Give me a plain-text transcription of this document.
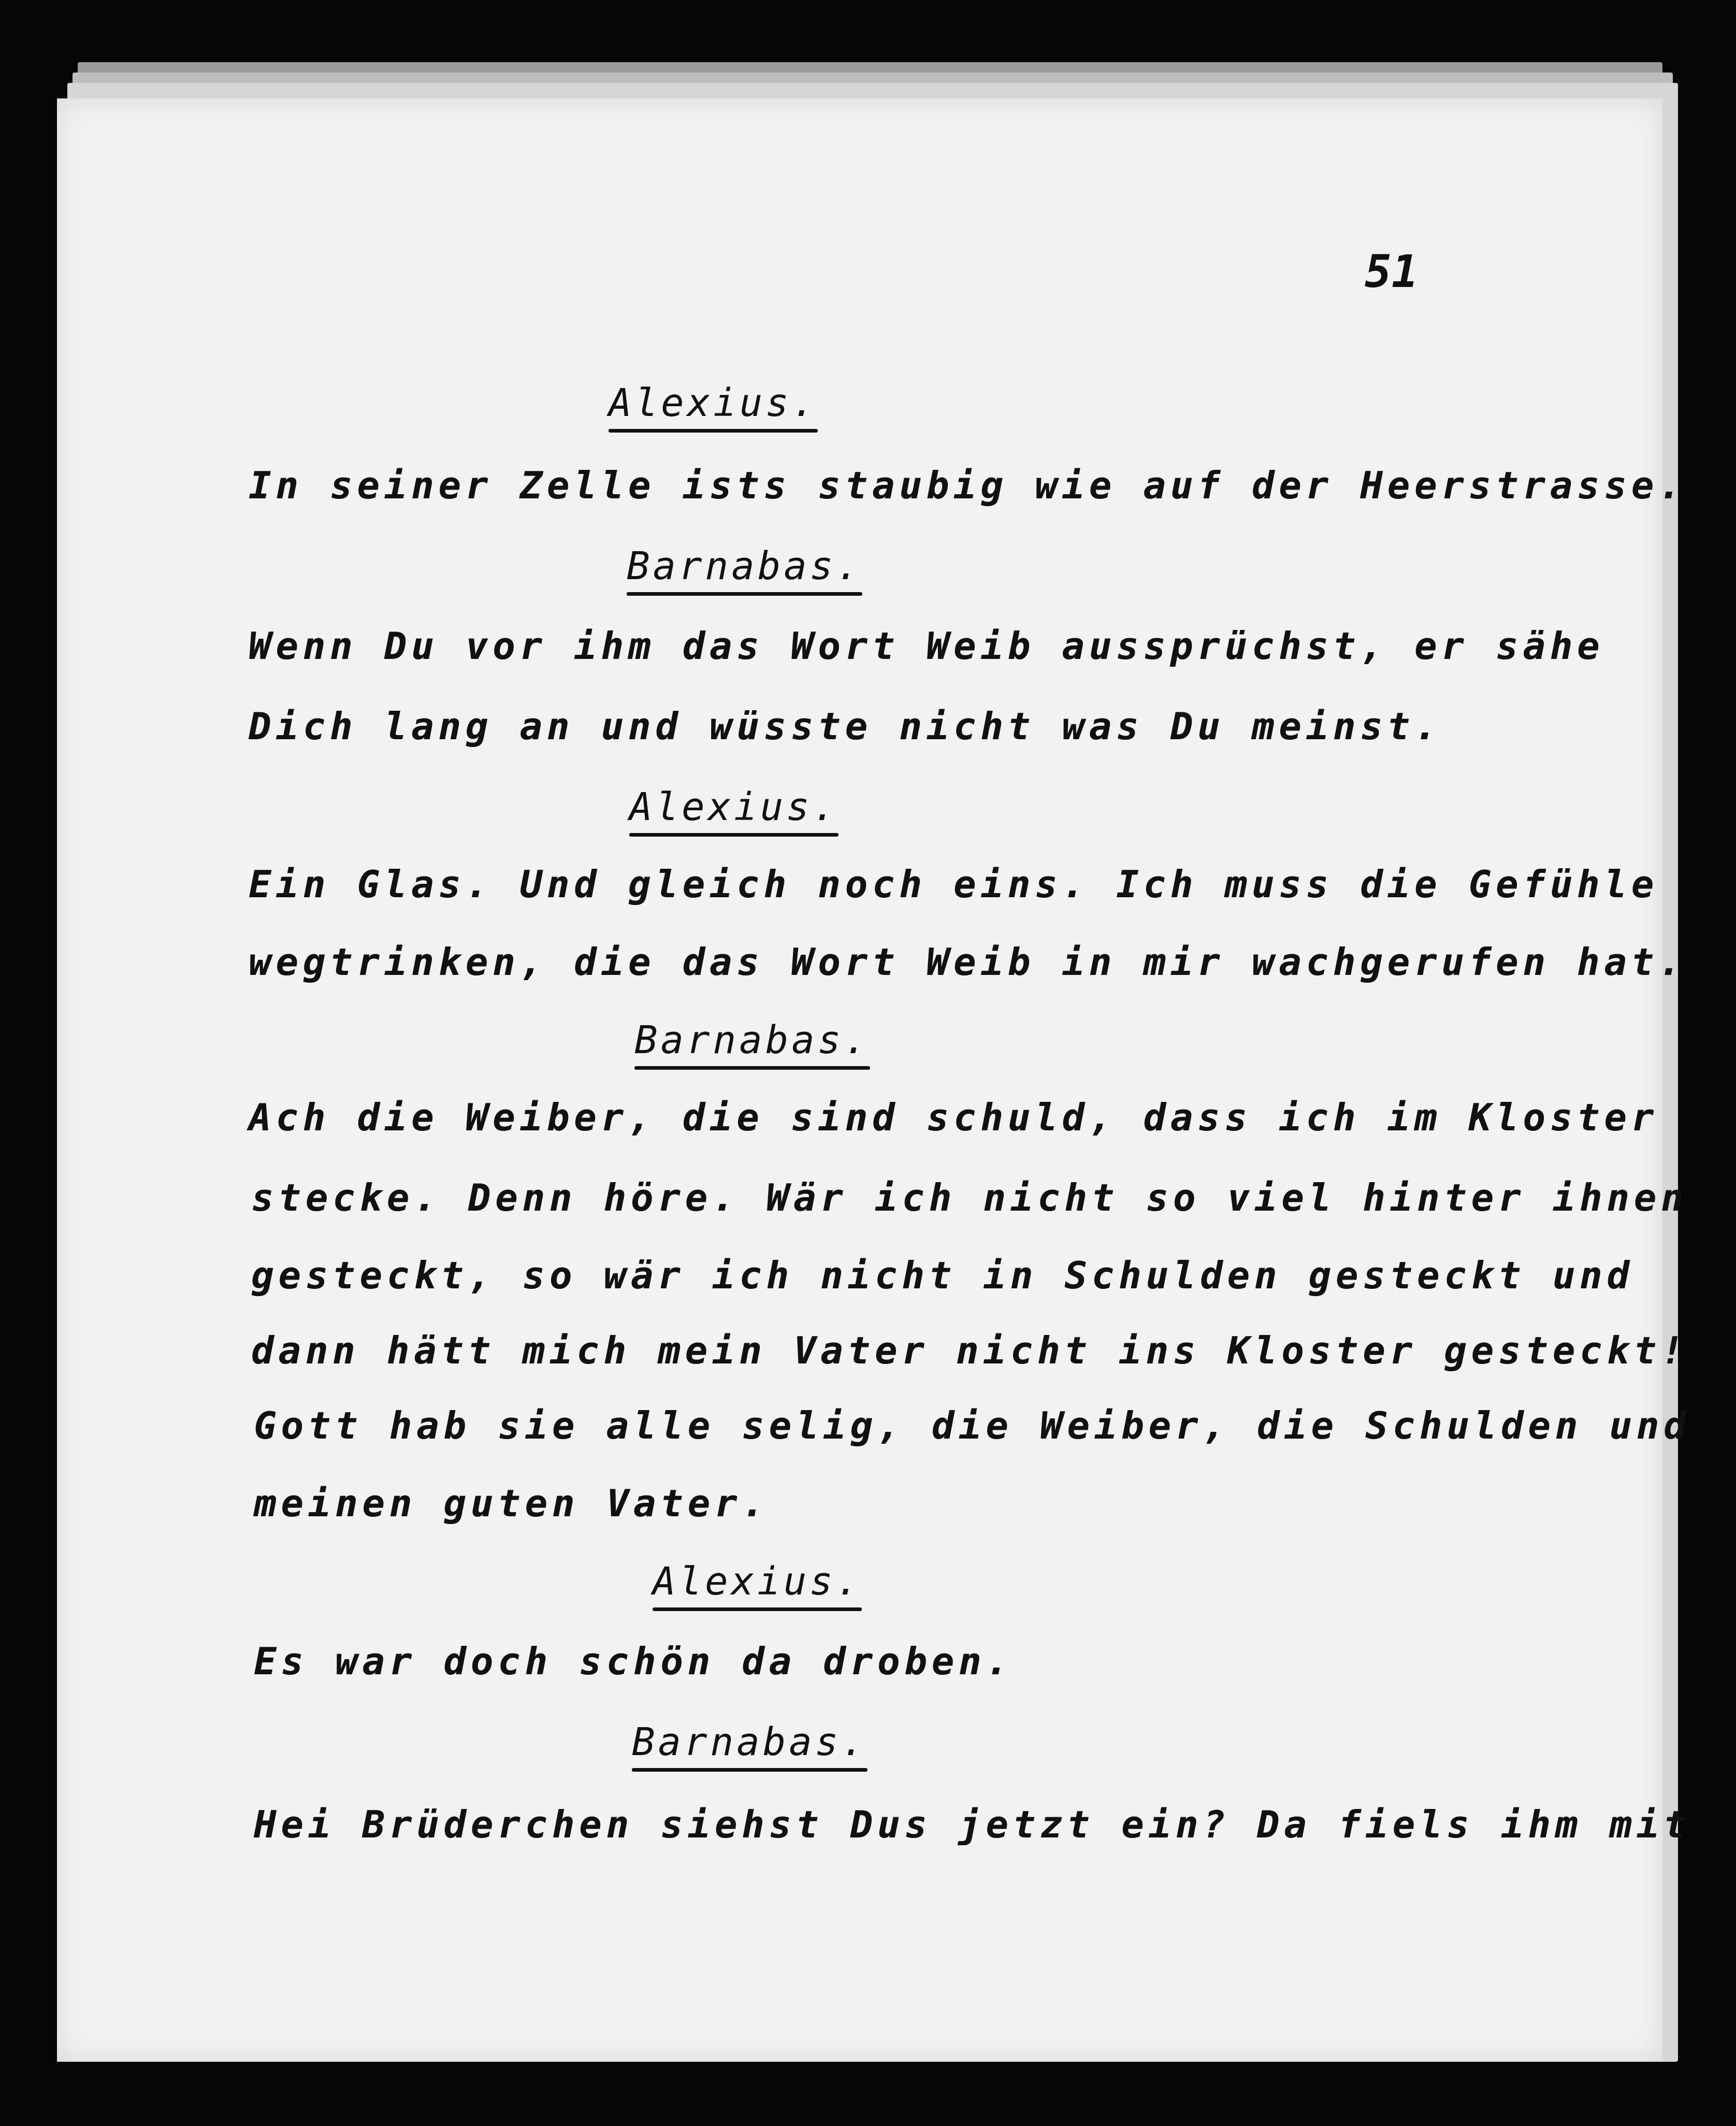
51
Alexius.
In seiner Zelle ists staubig wie auf der Heerstrasse.
Barnabas.
Wenn Du vor ihm das Wort Weib aussprüchst, er sähe
Dich lang an und wüsste nicht was Du meinst.
Alexius.
Ein Glas. Und gleich noch eins. Ich muss die Gefühle
wegtrinken, die das Wort Weib in mir wachgerufen hat.
Barnabas.
Ach die Weiber, die sind schuld, dass ich im Kloster
stecke. Denn höre. Wär ich nicht so viel hinter ihnen
gesteckt, so wär ich nicht in Schulden gesteckt und
dann hätt mich mein Vater nicht ins Kloster gesteckt!
Gott hab sie alle selig, die Weiber, die Schulden und
meinen guten Vater.
Alexius.
Es war doch schön da droben.
Barnabas.
Hei Brüderchen siehst Dus jetzt ein? Da fiels ihm mit
